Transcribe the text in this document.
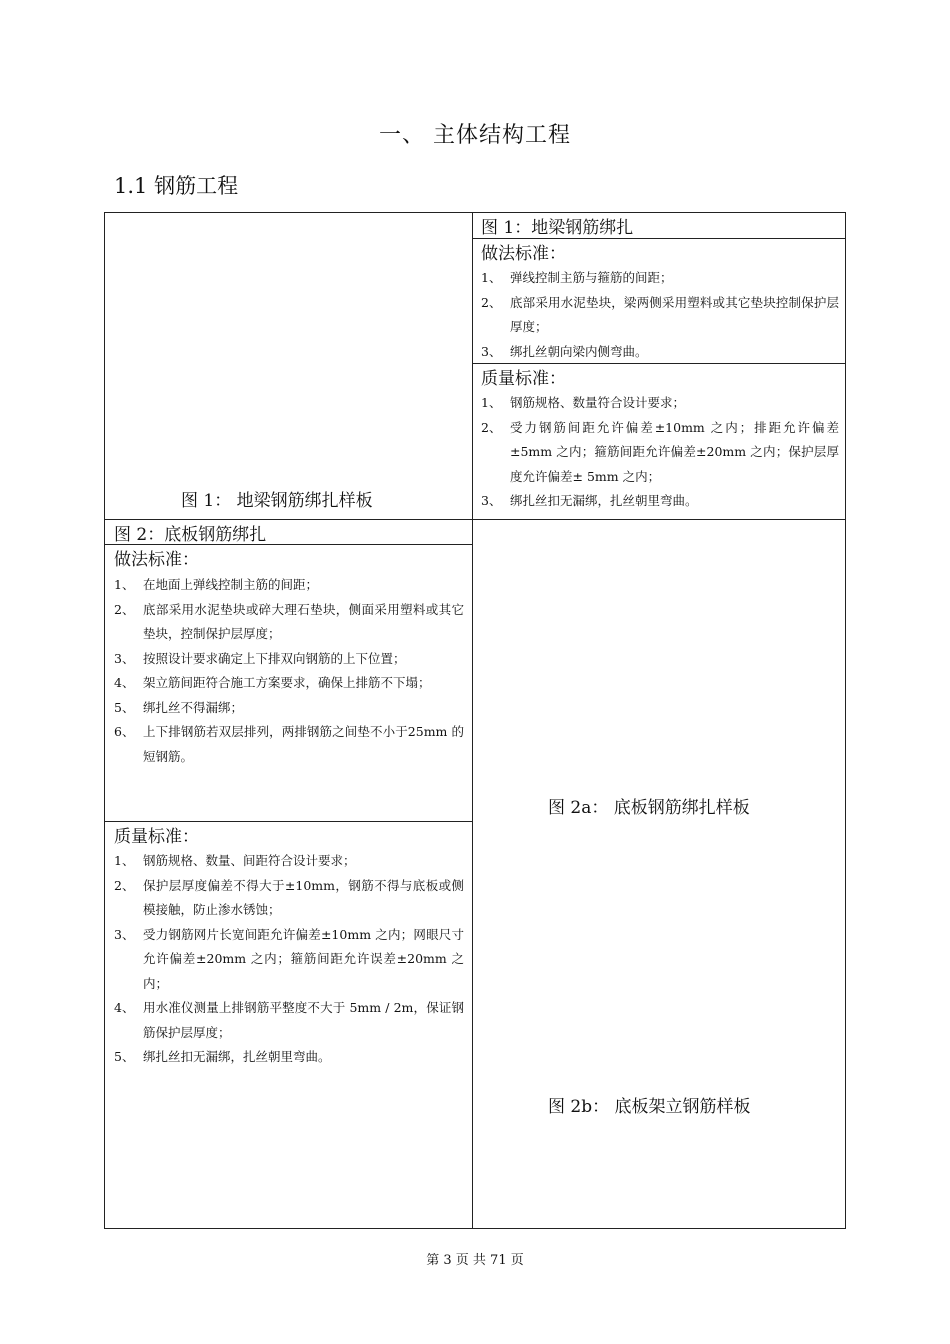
一、 主体结构工程
1.1 钢筋工程
图 1： 地梁钢筋绑扎样板
图 1：地梁钢筋绑扎
做法标准：
1、 弹线控制主筋与箍筋的间距；
2、 底部采用水泥垫块，梁两侧采用塑料或其它垫块控制保护层厚度；
3、 绑扎丝朝向梁内侧弯曲。
质量标准：
1、 钢筋规格、数量符合设计要求；
2、 受力钢筋间距允许偏差±10mm 之内；排距允许偏差±5mm 之内；箍筋间距允许偏差±20mm 之内；保护层厚度允许偏差± 5mm 之内；
3、 绑扎丝扣无漏绑，扎丝朝里弯曲。
图 2：底板钢筋绑扎
做法标准：
1、 在地面上弹线控制主筋的间距；
2、 底部采用水泥垫块或碎大理石垫块，侧面采用塑料或其它垫块，控制保护层厚度；
3、 按照设计要求确定上下排双向钢筋的上下位置；
4、 架立筋间距符合施工方案要求，确保上排筋不下塌；
5、 绑扎丝不得漏绑；
6、 上下排钢筋若双层排列，两排钢筋之间垫不小于25mm 的短钢筋。
质量标准：
1、 钢筋规格、数量、间距符合设计要求；
2、 保护层厚度偏差不得大于±10mm，钢筋不得与底板或侧模接触，防止渗水锈蚀；
3、 受力钢筋网片长宽间距允许偏差±10mm 之内；网眼尺寸允许偏差±20mm 之内；箍筋间距允许误差±20mm 之内；
4、 用水准仪测量上排钢筋平整度不大于 5mm / 2m，保证钢筋保护层厚度；
5、 绑扎丝扣无漏绑，扎丝朝里弯曲。
图 2a： 底板钢筋绑扎样板
图 2b： 底板架立钢筋样板
第 3 页 共 71 页
